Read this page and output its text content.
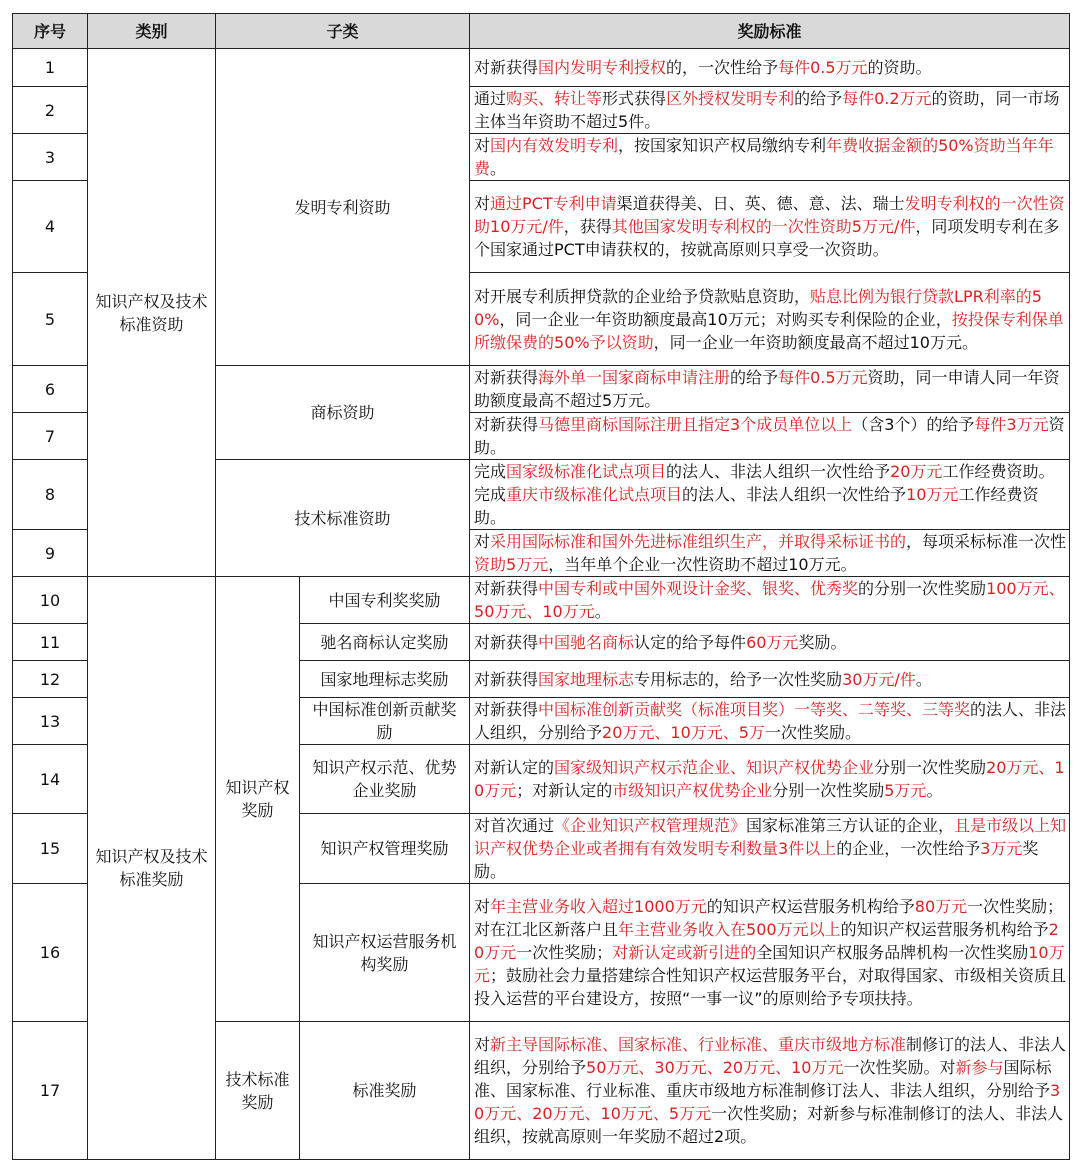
序号	类别	子类		奖励标准
1	知识产权及技术标准资助	发明专利资助		对新获得国内发明专利授权的，一次性给予每件0.5万元的资助。
2				通过购买、转让等形式获得区外授权发明专利的给予每件0.2万元的资助，同一市场主体当年资助不超过5件。
3				对国内有效发明专利，按国家知识产权局缴纳专利年费收据金额的50%资助当年年费。
4				对通过PCT专利申请渠道获得美、日、英、德、意、法、瑞士发明专利权的一次性资助10万元/件，获得其他国家发明专利权的一次性资助5万元/件，同项发明专利在多个国家通过PCT申请获权的，按就高原则只享受一次资助。
5				对开展专利质押贷款的企业给予贷款贴息资助，贴息比例为银行贷款LPR利率的50%，同一企业一年资助额度最高10万元；对购买专利保险的企业，按投保专利保单所缴保费的50%予以资助，同一企业一年资助额度最高不超过10万元。
6		商标资助		对新获得海外单一国家商标申请注册的给予每件0.5万元资助，同一申请人同一年资助额度最高不超过5万元。
7				对新获得马德里商标国际注册且指定3个成员单位以上（含3个）的给予每件3万元资助。
8		技术标准资助		完成国家级标准化试点项目的法人、非法人组织一次性给予20万元工作经费资助。完成重庆市级标准化试点项目的法人、非法人组织一次性给予10万元工作经费资助。
9				对采用国际标准和国外先进标准组织生产，并取得采标证书的，每项采标标准一次性资助5万元，当年单个企业一次性资助不超过10万元。
10	知识产权及技术标准奖励	知识产权奖励	中国专利奖奖励	对新获得中国专利或中国外观设计金奖、银奖、优秀奖的分别一次性奖励100万元、50万元、10万元。
11			驰名商标认定奖励	对新获得中国驰名商标认定的给予每件60万元奖励。
12			国家地理标志奖励	对新获得国家地理标志专用标志的，给予一次性奖励30万元/件。
13			中国标准创新贡献奖励	对新获得中国标准创新贡献奖（标准项目奖）一等奖、二等奖、三等奖的法人、非法人组织，分别给予20万元、10万元、5万一次性奖励。
14			知识产权示范、优势企业奖励	对新认定的国家级知识产权示范企业、知识产权优势企业分别一次性奖励20万元、10万元；对新认定的市级知识产权优势企业分别一次性奖励5万元。
15			知识产权管理奖励	对首次通过《企业知识产权管理规范》国家标准第三方认证的企业，且是市级以上知识产权优势企业或者拥有有效发明专利数量3件以上的企业，一次性给予3万元奖励。
16			知识产权运营服务机构奖励	对年主营业务收入超过1000万元的知识产权运营服务机构给予80万元一次性奖励；对在江北区新落户且年主营业务收入在500万元以上的知识产权运营服务机构给予20万元一次性奖励；对新认定或新引进的全国知识产权服务品牌机构一次性奖励10万元；鼓励社会力量搭建综合性知识产权运营服务平台，对取得国家、市级相关资质且投入运营的平台建设方，按照“一事一议”的原则给予专项扶持。
17		技术标准奖励	标准奖励	对新主导国际标准、国家标准、行业标准、重庆市级地方标准制修订的法人、非法人组织，分别给予50万元、30万元、20万元、10万元一次性奖励。对新参与国际标准、国家标准、行业标准、重庆市级地方标准制修订法人、非法人组织，分别给予30万元、20万元、10万元、5万元一次性奖励；对新参与标准制修订的法人、非法人组织，按就高原则一年奖励不超过2项。
